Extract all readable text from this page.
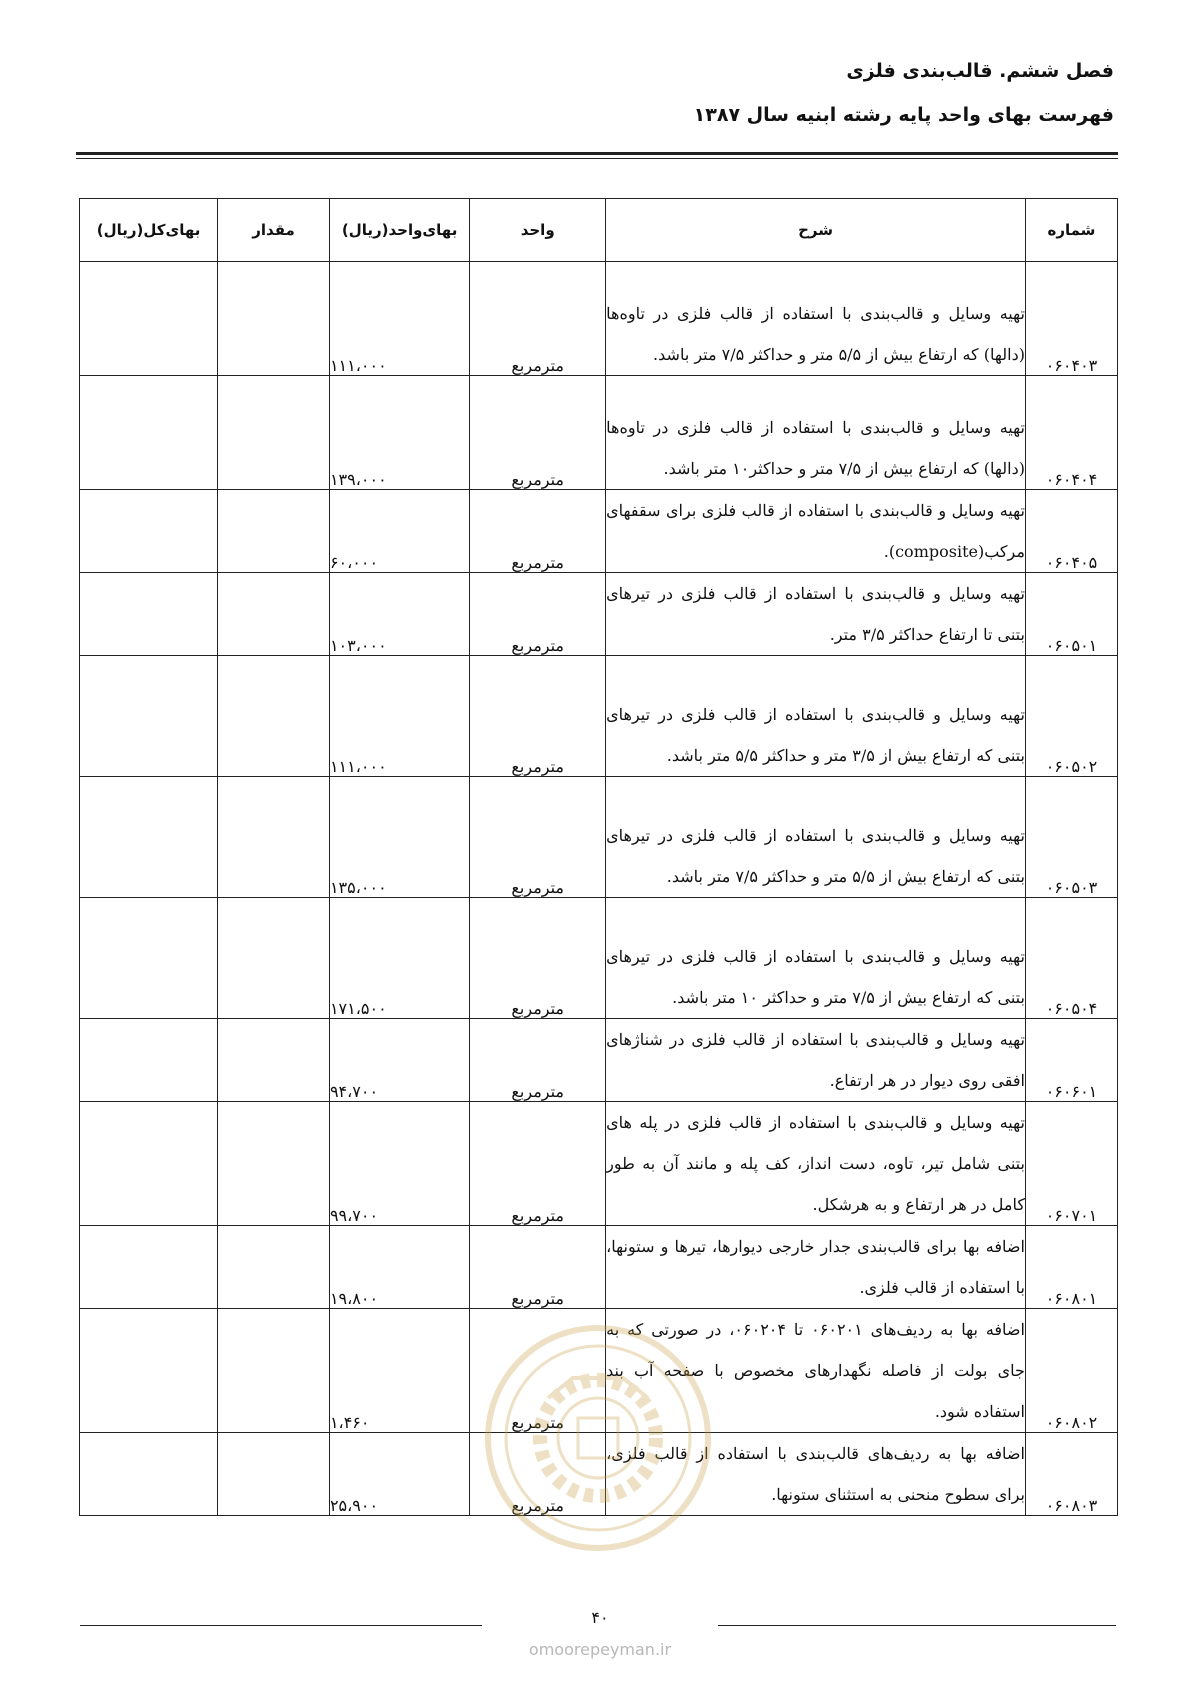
فصل ششم. قالب‌بندی فلزی

فهرست بهای واحد پایه رشته ابنیه سال ۱۳۸۷

شماره	شرح	واحد	بهای‌واحد(ریال)	مقدار	بهای‌کل(ریال)
۰۶۰۴۰۳	تهیه وسایل و قالب‌بندی با استفاده از قالب فلزی در تاوه‌ها (دالها) که ارتفاع بیش از ۵/۵ متر و حداکثر ۷/۵ متر باشد.	مترمربع	۱۱۱،۰۰۰		
۰۶۰۴۰۴	تهیه وسایل و قالب‌بندی با استفاده از قالب فلزی در تاوه‌ها (دالها) که ارتفاع بیش از ۷/۵ متر و حداکثر۱۰ متر باشد.	مترمربع	۱۳۹،۰۰۰		
۰۶۰۴۰۵	تهیه وسایل و قالب‌بندی با استفاده از قالب فلزی برای سقفهای مرکب(composite).	مترمربع	۶۰،۰۰۰		
۰۶۰۵۰۱	تهیه وسایل و قالب‌بندی با استفاده از قالب فلزی در تیرهای بتنی تا ارتفاع حداکثر ۳/۵ متر.	مترمربع	۱۰۳،۰۰۰		
۰۶۰۵۰۲	تهیه وسایل و قالب‌بندی با استفاده از قالب فلزی در تیرهای بتنی که ارتفاع بیش از ۳/۵ متر و حداکثر ۵/۵ متر باشد.	مترمربع	۱۱۱،۰۰۰		
۰۶۰۵۰۳	تهیه وسایل و قالب‌بندی با استفاده از قالب فلزی در تیرهای بتنی که ارتفاع بیش از ۵/۵ متر و حداکثر ۷/۵ متر باشد.	مترمربع	۱۳۵،۰۰۰		
۰۶۰۵۰۴	تهیه وسایل و قالب‌بندی با استفاده از قالب فلزی در تیرهای بتنی که ارتفاع بیش از ۷/۵ متر و حداکثر ۱۰ متر باشد.	مترمربع	۱۷۱،۵۰۰		
۰۶۰۶۰۱	تهیه وسایل و قالب‌بندی با استفاده از قالب فلزی در شناژهای افقی روی دیوار در هر ارتفاع.	مترمربع	۹۴،۷۰۰		
۰۶۰۷۰۱	تهیه وسایل و قالب‌بندی با استفاده از قالب فلزی در پله های بتنی شامل تیر، تاوه، دست انداز، کف پله و مانند آن به طور کامل در هر ارتفاع و به هرشکل.	مترمربع	۹۹،۷۰۰		
۰۶۰۸۰۱	اضافه بها برای قالب‌بندی جدار خارجی دیوارها، تیرها و ستونها، با استفاده از قالب فلزی.	مترمربع	۱۹،۸۰۰		
۰۶۰۸۰۲	اضافه بها به ردیف‌های ۰۶۰۲۰۱ تا ۰۶۰۲۰۴، در صورتی که به جای بولت از فاصله نگهدارهای مخصوص با صفحه آب بند استفاده شود.	مترمربع	۱،۴۶۰		
۰۶۰۸۰۳	اضافه بها به ردیف‌های قالب‌بندی با استفاده از قالب فلزی، برای سطوح منحنی به استثنای ستونها.	مترمربع	۲۵،۹۰۰		
۴۰
omoorepeyman.ir
